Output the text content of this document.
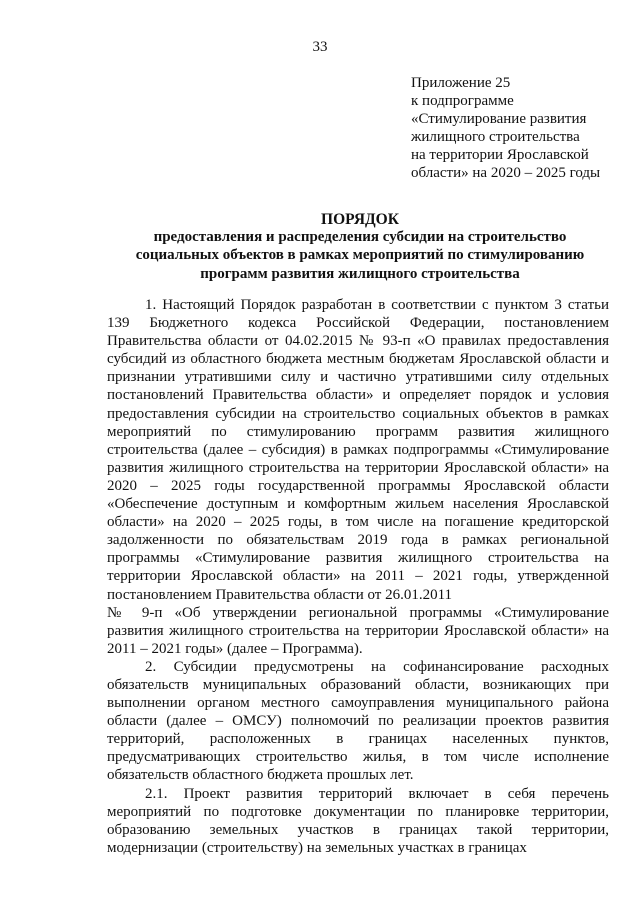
33
Приложение 25
к подпрограмме
«Стимулирование развития
жилищного строительства
на территории Ярославской
области» на 2020 – 2025 годы
ПОРЯДОК
предоставления и распределения субсидии на строительство
социальных объектов в рамках мероприятий по стимулированию
программ развития жилищного строительства

1. Настоящий Порядок разработан в соответствии с пунктом 3 статьи 139 Бюджетного кодекса Российской Федерации, постановлением Правительства области от 04.02.2015 № 93-п «О правилах предоставления субсидий из областного бюджета местным бюджетам Ярославской области и признании утратившими силу и частично утратившими силу отдельных постановлений Правительства области» и определяет порядок и условия предоставления субсидии на строительство социальных объектов в рамках мероприятий по стимулированию программ развития жилищного строительства (далее – субсидия) в рамках подпрограммы «Стимулирование развития жилищного строительства на территории Ярославской области» на 2020 – 2025 годы государственной программы Ярославской области «Обеспечение доступным и комфортным жильем населения Ярославской области» на 2020 – 2025 годы, в том числе на погашение кредиторской задолженности по обязательствам 2019 года в рамках региональной программы «Стимулирование развития жилищного строительства на территории Ярославской области» на 2011 – 2021 годы, утвержденной постановлением Правительства области от 26.01.2011

№ 9-п «Об утверждении региональной программы «Стимулирование развития жилищного строительства на территории Ярославской области» на 2011 – 2021 годы» (далее – Программа).

2. Субсидии предусмотрены на софинансирование расходных обязательств муниципальных образований области, возникающих при выполнении органом местного самоуправления муниципального района области (далее – ОМСУ) полномочий по реализации проектов развития территорий, расположенных в границах населенных пунктов, предусматривающих строительство жилья, в том числе исполнение обязательств областного бюджета прошлых лет.

2.1. Проект развития территорий включает в себя перечень мероприятий по подготовке документации по планировке территории, образованию земельных участков в границах такой территории, модернизации (строительству) на земельных участках в границах
